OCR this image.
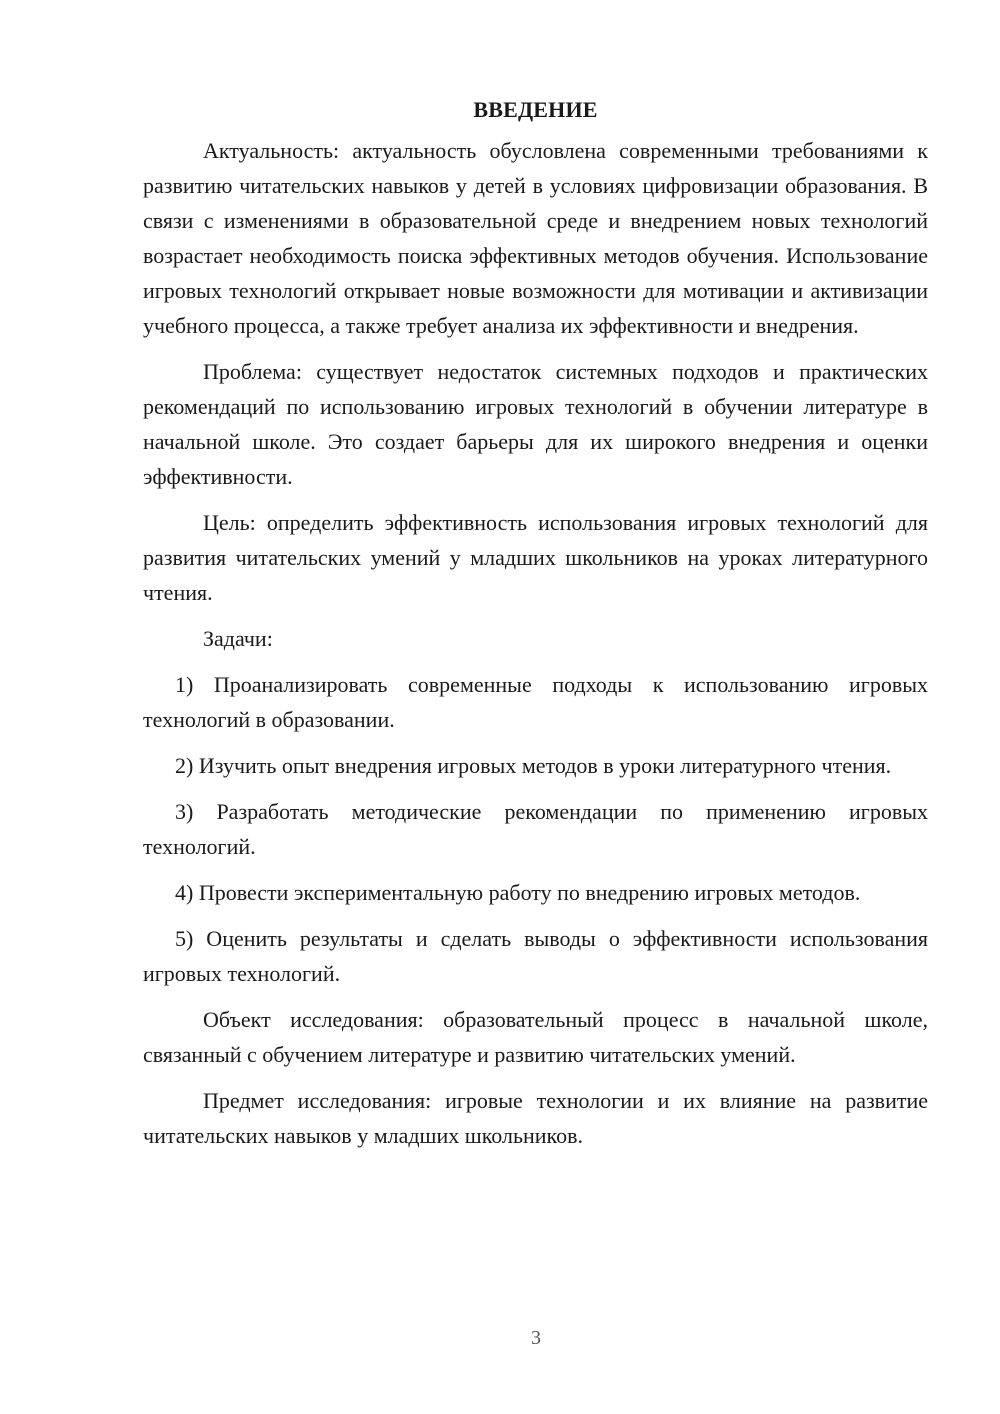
ВВЕДЕНИЕ

Актуальность: актуальность обусловлена современными требованиями к развитию читательских навыков у детей в условиях цифровизации образования. В связи с изменениями в образовательной среде и внедрением новых технологий возрастает необходимость поиска эффективных методов обучения. Использование игровых технологий открывает новые возможности для мотивации и активизации учебного процесса, а также требует анализа их эффективности и внедрения.

Проблема: существует недостаток системных подходов и практических рекомендаций по использованию игровых технологий в обучении литературе в начальной школе. Это создает барьеры для их широкого внедрения и оценки эффективности.

Цель: определить эффективность использования игровых технологий для развития читательских умений у младших школьников на уроках литературного чтения.

Задачи:

1) Проанализировать современные подходы к использованию игровых технологий в образовании.

2) Изучить опыт внедрения игровых методов в уроки литературного чтения.

3) Разработать методические рекомендации по применению игровых технологий.

4) Провести экспериментальную работу по внедрению игровых методов.

5) Оценить результаты и сделать выводы о эффективности использования игровых технологий.

Объект исследования: образовательный процесс в начальной школе, связанный с обучением литературе и развитию читательских умений.

Предмет исследования: игровые технологии и их влияние на развитие читательских навыков у младших школьников.

3
